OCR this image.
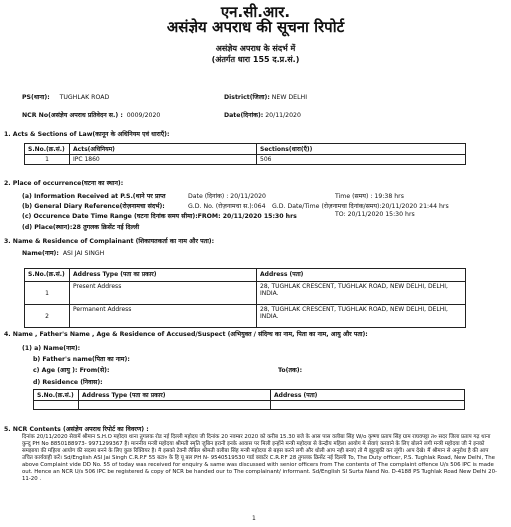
एन.सी.आर.
असंज्ञेय अपराध की सूचना रिपोर्ट
असंज्ञेय अपराध के संदर्भ में
(अंतर्गत धारा 155 द.प्र.सं.)
PS(थाना): TUGHLAK ROAD	District(जिला): NEW DELHI
NCR No(असंज्ञेय अपराध प्रतिवेदन स.) : 0009/2020	Date(दिनांक): 20/11/2020
1. Acts & Sections of Law(कानून के अधिनियम एवं धाराएँ):
S.No.(क्र.सं.)	Acts(अधिनियम)	Sections(धारा(एँ))
1	IPC 1860	506
2. Place of occurrence(घटना का स्थान):
(a) Information Received at P.S.(थाने पर प्राप्त	Date (दिनांक) : 20/11/2020	Time (समय) : 19:38 hrs
(b) General Diary Reference(रोज़नामचा संदर्भ):	G.D. No. (रोज़नामचा स.):064 G.D. Date/Time (रोज़नामचा दिनांक/समय):20/11/2020 21:44 hrs
(c) Occurence Date Time Range (घटना दिनांक समय सीमा):FROM: 20/11/2020 15:30 hrs	TO: 20/11/2020 15:30 hrs
(d) Place(स्थान):28 तुगलक क्रिसेंट नई दिल्ली
3. Name & Residence of Complainant (शिकायतकर्ता का नाम और पता):
Name(नाम): ASI JAI SINGH
S.No.(क्र.सं.)	Address Type (पता का प्रकार)	Address (पता)
1	Present Address	28, TUGHLAK CRESCENT, TUGHLAK ROAD, NEW DELHI, DELHI, INDIA.
2	Permanent Address	28, TUGHLAK CRESCENT, TUGHLAK ROAD, NEW DELHI, DELHI, INDIA.
4. Name , Father's Name , Age & Residence of Accused/Suspect (अभियुक्त / संदिग्ध का नाम, पिता का नाम, आयु और पता):
(1) a) Name(नाम):
b) Father's name(पिता का नाम):
c) Age (आयु ): From(से):	To(तक):
d) Residence (निवास):
S.No.(क्र.सं.)	Address Type (पता का प्रकार)	Address (पता)

5. NCR Contents (असंज्ञेय अपराध रिपोर्ट का विवरण) :
दिनांक 20/11/2020 सेवामें श्रीमान S.H.O महोदय थाना तुगलक रोड नई दिल्ली महोदय जी दिनांक 20 नवम्बर 2020 को करीब 15.30 बजे के आस पास वलीबा सिंह W/o कृष्णा प्रताप सिंह ग्राम राघवपट्टा त० सदर जिला प्रताप गढ़ थाना कुन्दु PH No 8850188973- 9971299367 है। माननीय मन्त्री महोदया श्रीमती स्मृति जुबिन इरानी इनके आवास पर मिली इन्होंने मन्त्री महोदया से केन्द्रीय महिला आयोग मे सेवाएं करवाने के लिए बोलने लगी मन्त्री महोदया जी ने इनको समझाया की महिला आयोग की सदस्य बनने के लिए कुछ रिक्वियर है। मै इसको टेक्नी लैबिल श्रीमती वलीबा सिंह मन्त्री महोदया से बहस करने लगी और धोली आप नही बनाएं तो मै झूटबुकी कर लूंगी। आप देखे। मैं श्रीमान से अनुरोध है की आप उचित कार्यवाही करें। Sd/English ASI Jai Singh C.R.P.F 55 बटा० के हि यू बल PH N- 9540519530 गार्ड क्वार्टर C.R.P.F 28 तुगलक क्रिसेंट नई दिल्ली To, The Duty officer, P.S. Tughlak Road, New Delhi, The above Complaint vide DD No. 55 of today was received for enquiry & same was discussed with senior officers from The contents of The complaint offence U/s 506 IPC is made out. Hence an NCR U/s 506 IPC be registered & copy of NCR be handed our to The complainant/ informant. Sd/English SI Surta Nand No. D-4188 PS Tughlak Road New Delhi 20-11-20 .
1
